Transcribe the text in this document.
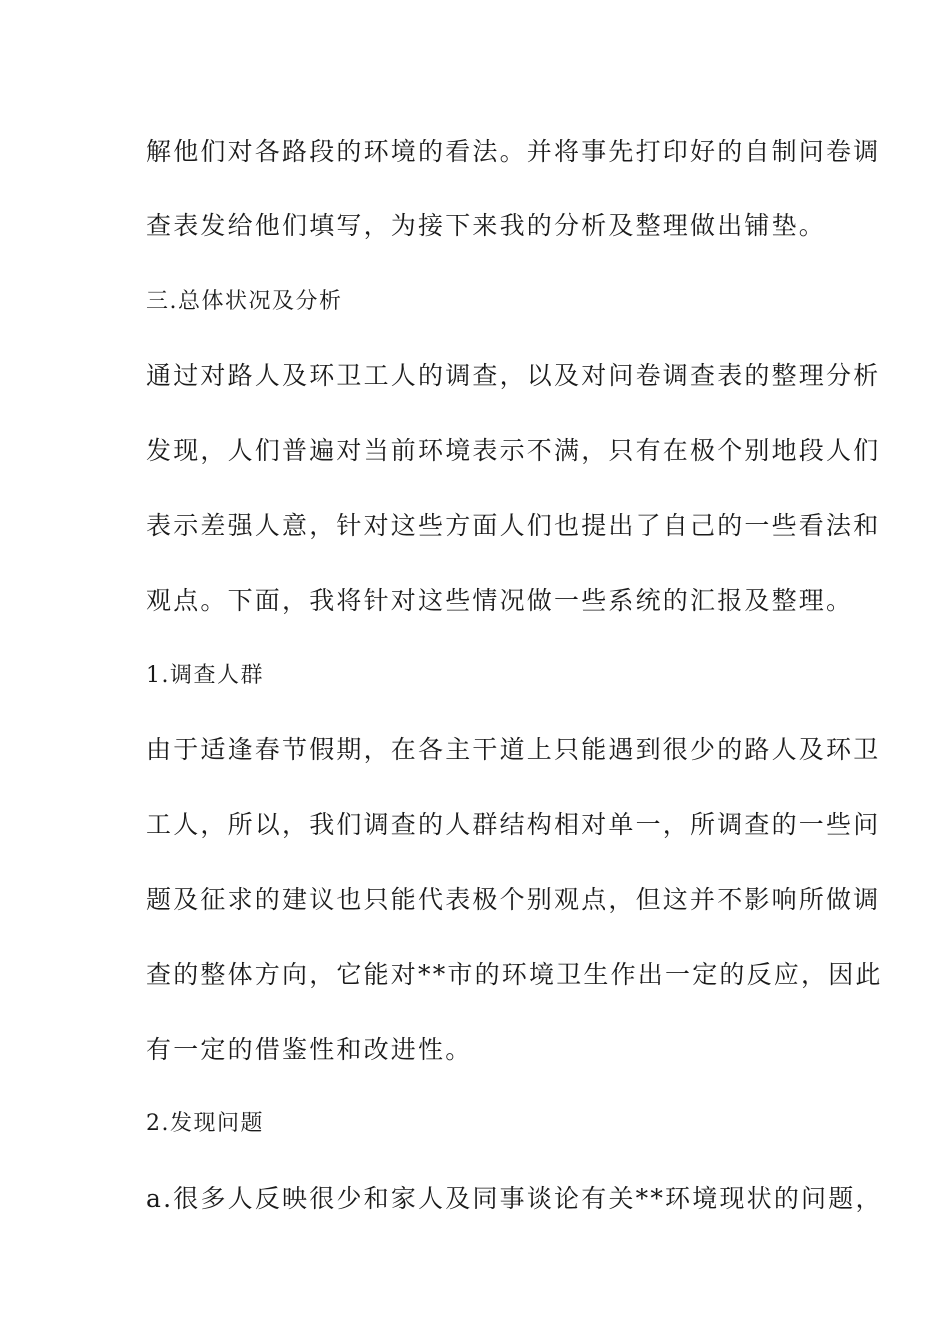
解他们对各路段的环境的看法。并将事先打印好的自制问卷调
查表发给他们填写，为接下来我的分析及整理做出铺垫。
三.总体状况及分析
通过对路人及环卫工人的调查，以及对问卷调查表的整理分析
发现，人们普遍对当前环境表示不满，只有在极个别地段人们
表示差强人意，针对这些方面人们也提出了自己的一些看法和
观点。下面，我将针对这些情况做一些系统的汇报及整理。
1.调查人群
由于适逢春节假期，在各主干道上只能遇到很少的路人及环卫
工人，所以，我们调查的人群结构相对单一，所调查的一些问
题及征求的建议也只能代表极个别观点，但这并不影响所做调
查的整体方向，它能对**市的环境卫生作出一定的反应，因此
有一定的借鉴性和改进性。
2.发现问题
a.很多人反映很少和家人及同事谈论有关**环境现状的问题，
